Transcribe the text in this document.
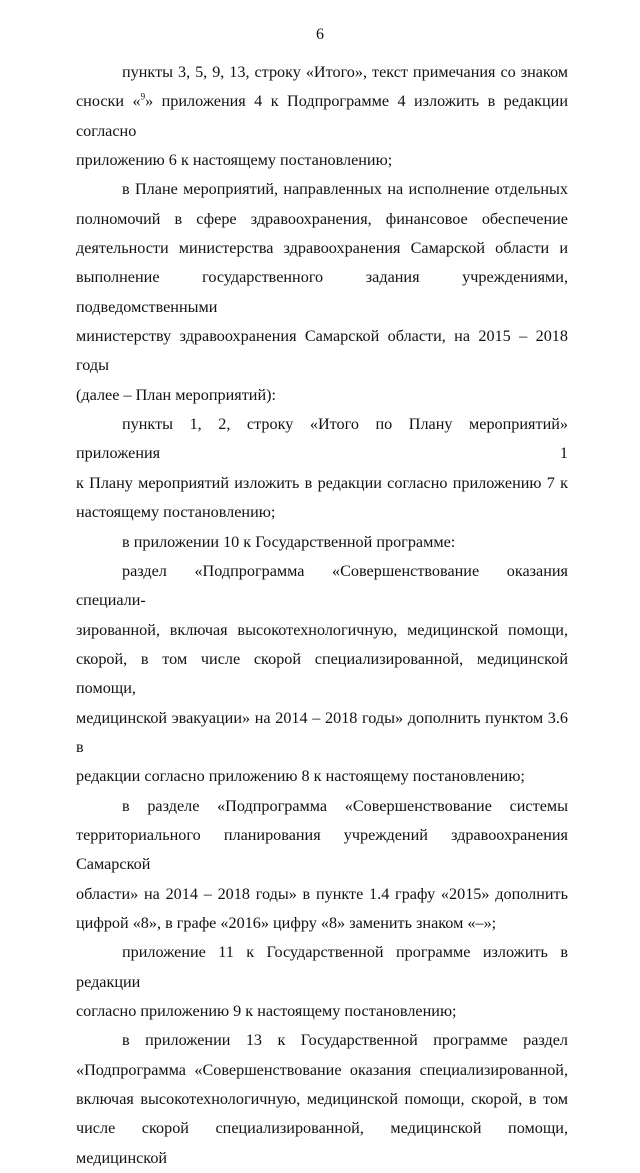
6

пункты 3, 5, 9, 13, строку «Итого», текст примечания со знаком

сноски «$^9$» приложения 4 к Подпрограмме 4 изложить в редакции согласно

приложению 6 к настоящему постановлению;

в Плане мероприятий, направленных на исполнение отдельных

полномочий в сфере здравоохранения, финансовое обеспечение

деятельности министерства здравоохранения Самарской области и

выполнение государственного задания учреждениями, подведомственными

министерству здравоохранения Самарской области, на 2015 – 2018 годы

(далее – План мероприятий):

пункты 1, 2, строку «Итого по Плану мероприятий» приложения 1

к Плану мероприятий изложить в редакции согласно приложению 7 к

настоящему постановлению;

в приложении 10 к Государственной программе:

раздел «Подпрограмма «Совершенствование оказания специали-

зированной, включая высокотехнологичную, медицинской помощи,

скорой, в том числе скорой специализированной, медицинской помощи,

медицинской эвакуации» на 2014 – 2018 годы» дополнить пунктом 3.6 в

редакции согласно приложению 8 к настоящему постановлению;

в разделе «Подпрограмма «Совершенствование системы

территориального планирования учреждений здравоохранения Самарской

области» на 2014 – 2018 годы» в пункте 1.4 графу «2015» дополнить

цифрой «8», в графе «2016» цифру «8» заменить знаком «–»;

приложение 11 к Государственной программе изложить в редакции

согласно приложению 9 к настоящему постановлению;

в приложении 13 к Государственной программе раздел

«Подпрограмма «Совершенствование оказания специализированной,

включая высокотехнологичную, медицинской помощи, скорой, в том

числе скорой специализированной, медицинской помощи, медицинской
